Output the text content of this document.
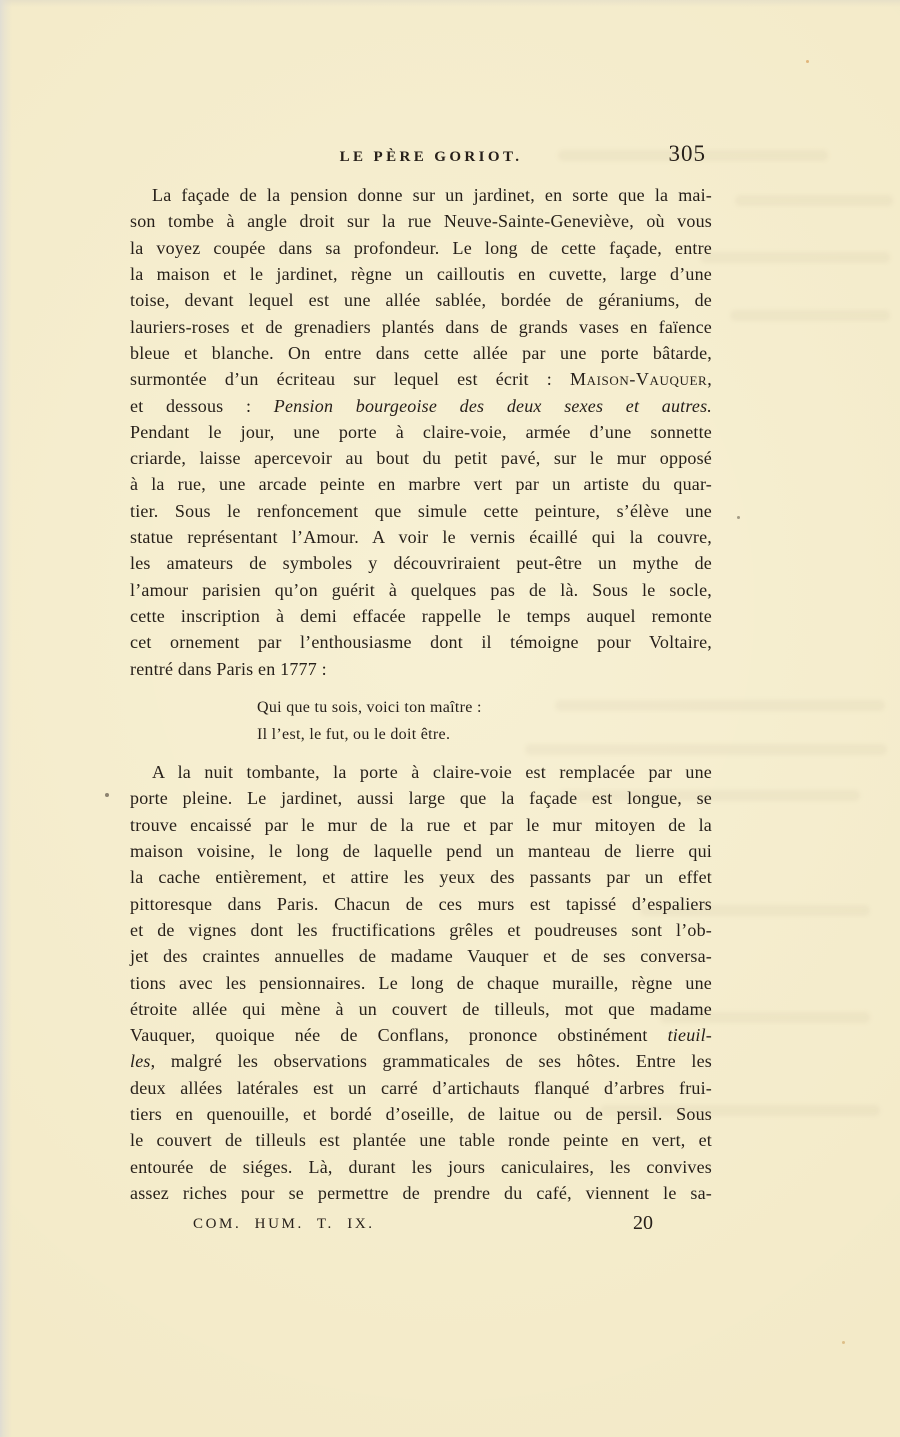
LE PÈRE GORIOT.	305
La façade de la pension donne sur un jardinet, en sorte que la mai-
son tombe à angle droit sur la rue Neuve-Sainte-Geneviève, où vous
la voyez coupée dans sa profondeur. Le long de cette façade, entre
la maison et le jardinet, règne un cailloutis en cuvette, large d’une
toise, devant lequel est une allée sablée, bordée de géraniums, de
lauriers-roses et de grenadiers plantés dans de grands vases en faïence
bleue et blanche. On entre dans cette allée par une porte bâtarde,
surmontée d’un écriteau sur lequel est écrit : Maison-Vauquer,
et dessous : Pension bourgeoise des deux sexes et autres.
Pendant le jour, une porte à claire-voie, armée d’une sonnette
criarde, laisse apercevoir au bout du petit pavé, sur le mur opposé
à la rue, une arcade peinte en marbre vert par un artiste du quar-
tier. Sous le renfoncement que simule cette peinture, s’élève une
statue représentant l’Amour. A voir le vernis écaillé qui la couvre,
les amateurs de symboles y découvriraient peut-être un mythe de
l’amour parisien qu’on guérit à quelques pas de là. Sous le socle,
cette inscription à demi effacée rappelle le temps auquel remonte
cet ornement par l’enthousiasme dont il témoigne pour Voltaire,
rentré dans Paris en 1777 :
Qui que tu sois, voici ton maître :
Il l’est, le fut, ou le doit être.
A la nuit tombante, la porte à claire-voie est remplacée par une
porte pleine. Le jardinet, aussi large que la façade est longue, se
trouve encaissé par le mur de la rue et par le mur mitoyen de la
maison voisine, le long de laquelle pend un manteau de lierre qui
la cache entièrement, et attire les yeux des passants par un effet
pittoresque dans Paris. Chacun de ces murs est tapissé d’espaliers
et de vignes dont les fructifications grêles et poudreuses sont l’ob-
jet des craintes annuelles de madame Vauquer et de ses conversa-
tions avec les pensionnaires. Le long de chaque muraille, règne une
étroite allée qui mène à un couvert de tilleuls, mot que madame
Vauquer, quoique née de Conflans, prononce obstinément tieuil-
les, malgré les observations grammaticales de ses hôtes. Entre les
deux allées latérales est un carré d’artichauts flanqué d’arbres frui-
tiers en quenouille, et bordé d’oseille, de laitue ou de persil. Sous
le couvert de tilleuls est plantée une table ronde peinte en vert, et
entourée de siéges. Là, durant les jours caniculaires, les convives
assez riches pour se permettre de prendre du café, viennent le sa-
COM. HUM. T. IX.	20
